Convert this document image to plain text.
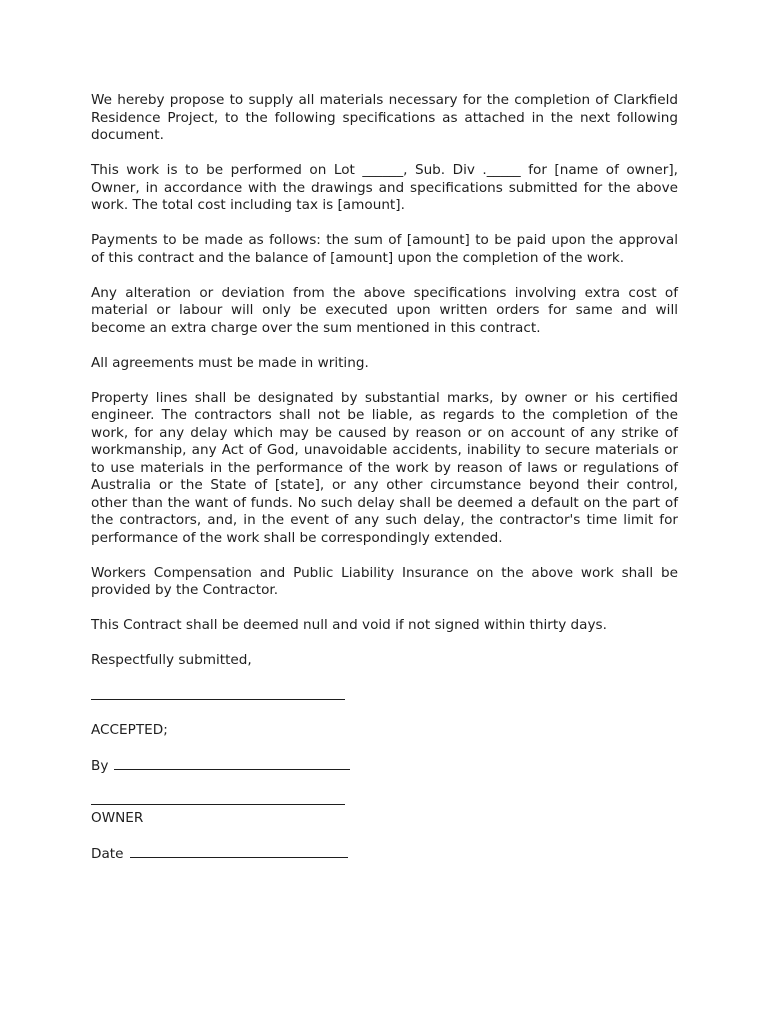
We hereby propose to supply all materials necessary for the completion of Clarkfield Residence Project, to the following specifications as attached in the next following document.

This work is to be performed on Lot ______, Sub. Div ._____ for [name of owner], Owner, in accordance with the drawings and specifications submitted for the above work. The total cost including tax is [amount].

Payments to be made as follows: the sum of [amount] to be paid upon the approval of this contract and the balance of [amount] upon the completion of the work.

Any alteration or deviation from the above specifications involving extra cost of material or labour will only be executed upon written orders for same and will become an extra charge over the sum mentioned in this contract.

All agreements must be made in writing.

Property lines shall be designated by substantial marks, by owner or his certified engineer. The contractors shall not be liable, as regards to the completion of the work, for any delay which may be caused by reason or on account of any strike of workmanship, any Act of God, unavoidable accidents, inability to secure materials or to use materials in the performance of the work by reason of laws or regulations of Australia or the State of [state], or any other circumstance beyond their control, other than the want of funds. No such delay shall be deemed a default on the part of the contractors, and, in the event of any such delay, the contractor's time limit for performance of the work shall be correspondingly extended.

Workers Compensation and Public Liability Insurance on the above work shall be provided by the Contractor.

This Contract shall be deemed null and void if not signed within thirty days.

Respectfully submitted,

ACCEPTED;

By

OWNER

Date
